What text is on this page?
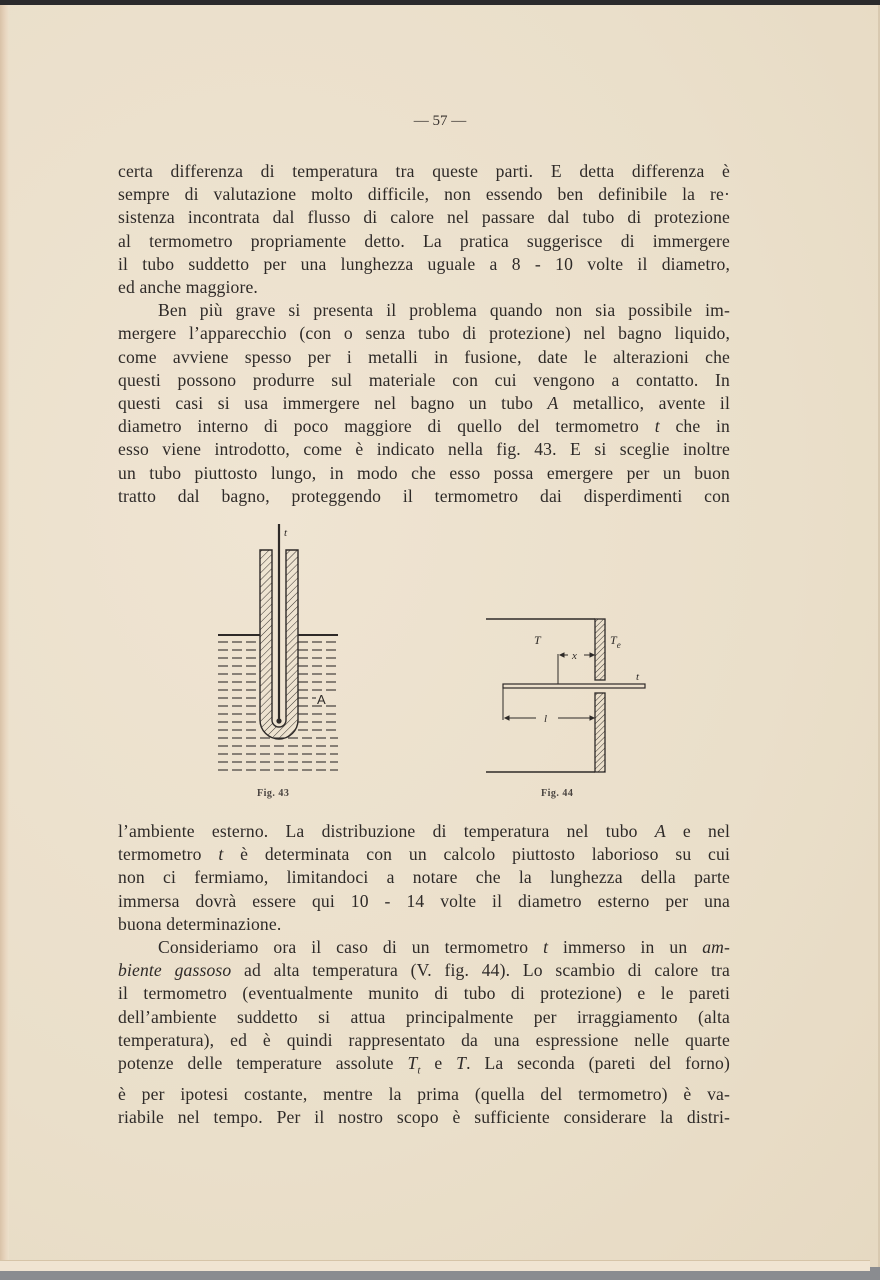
— 57 —
certa differenza di temperatura tra queste parti. E detta differenza è
sempre di valutazione molto difficile, non essendo ben definibile la re·
sistenza incontrata dal flusso di calore nel passare dal tubo di protezione
al termometro propriamente detto. La pratica suggerisce di immergere
il tubo suddetto per una lunghezza uguale a 8 - 10 volte il diametro,
ed anche maggiore.
Ben più grave si presenta il problema quando non sia possibile im-
mergere l’apparecchio (con o senza tubo di protezione) nel bagno liquido,
come avviene spesso per i metalli in fusione, date le alterazioni che
questi possono produrre sul materiale con cui vengono a contatto. In
questi casi si usa immergere nel bagno un tubo A metallico, avente il
diametro interno di poco maggiore di quello del termometro t che in
esso viene introdotto, come è indicato nella fig. 43. E si sceglie inoltre
un tubo piuttosto lungo, in modo che esso possa emergere per un buon
tratto dal bagno, proteggendo il termometro dai disperdimenti con
t
A
Fig. 43
x
l
T	$T_e$
t
Fig. 44
l’ambiente esterno. La distribuzione di temperatura nel tubo A e nel
termometro t è determinata con un calcolo piuttosto laborioso su cui
non ci fermiamo, limitandoci a notare che la lunghezza della parte
immersa dovrà essere qui 10 - 14 volte il diametro esterno per una
buona determinazione.
Consideriamo ora il caso di un termometro t immerso in un am-
biente gassoso ad alta temperatura (V. fig. 44). Lo scambio di calore tra
il termometro (eventualmente munito di tubo di protezione) e le pareti
dell’ambiente suddetto si attua principalmente per irraggiamento (alta
temperatura), ed è quindi rappresentato da una espressione nelle quarte
potenze delle temperature assolute $T_t$ e T. La seconda (pareti del forno)
è per ipotesi costante, mentre la prima (quella del termometro) è va-
riabile nel tempo. Per il nostro scopo è sufficiente considerare la distri-
